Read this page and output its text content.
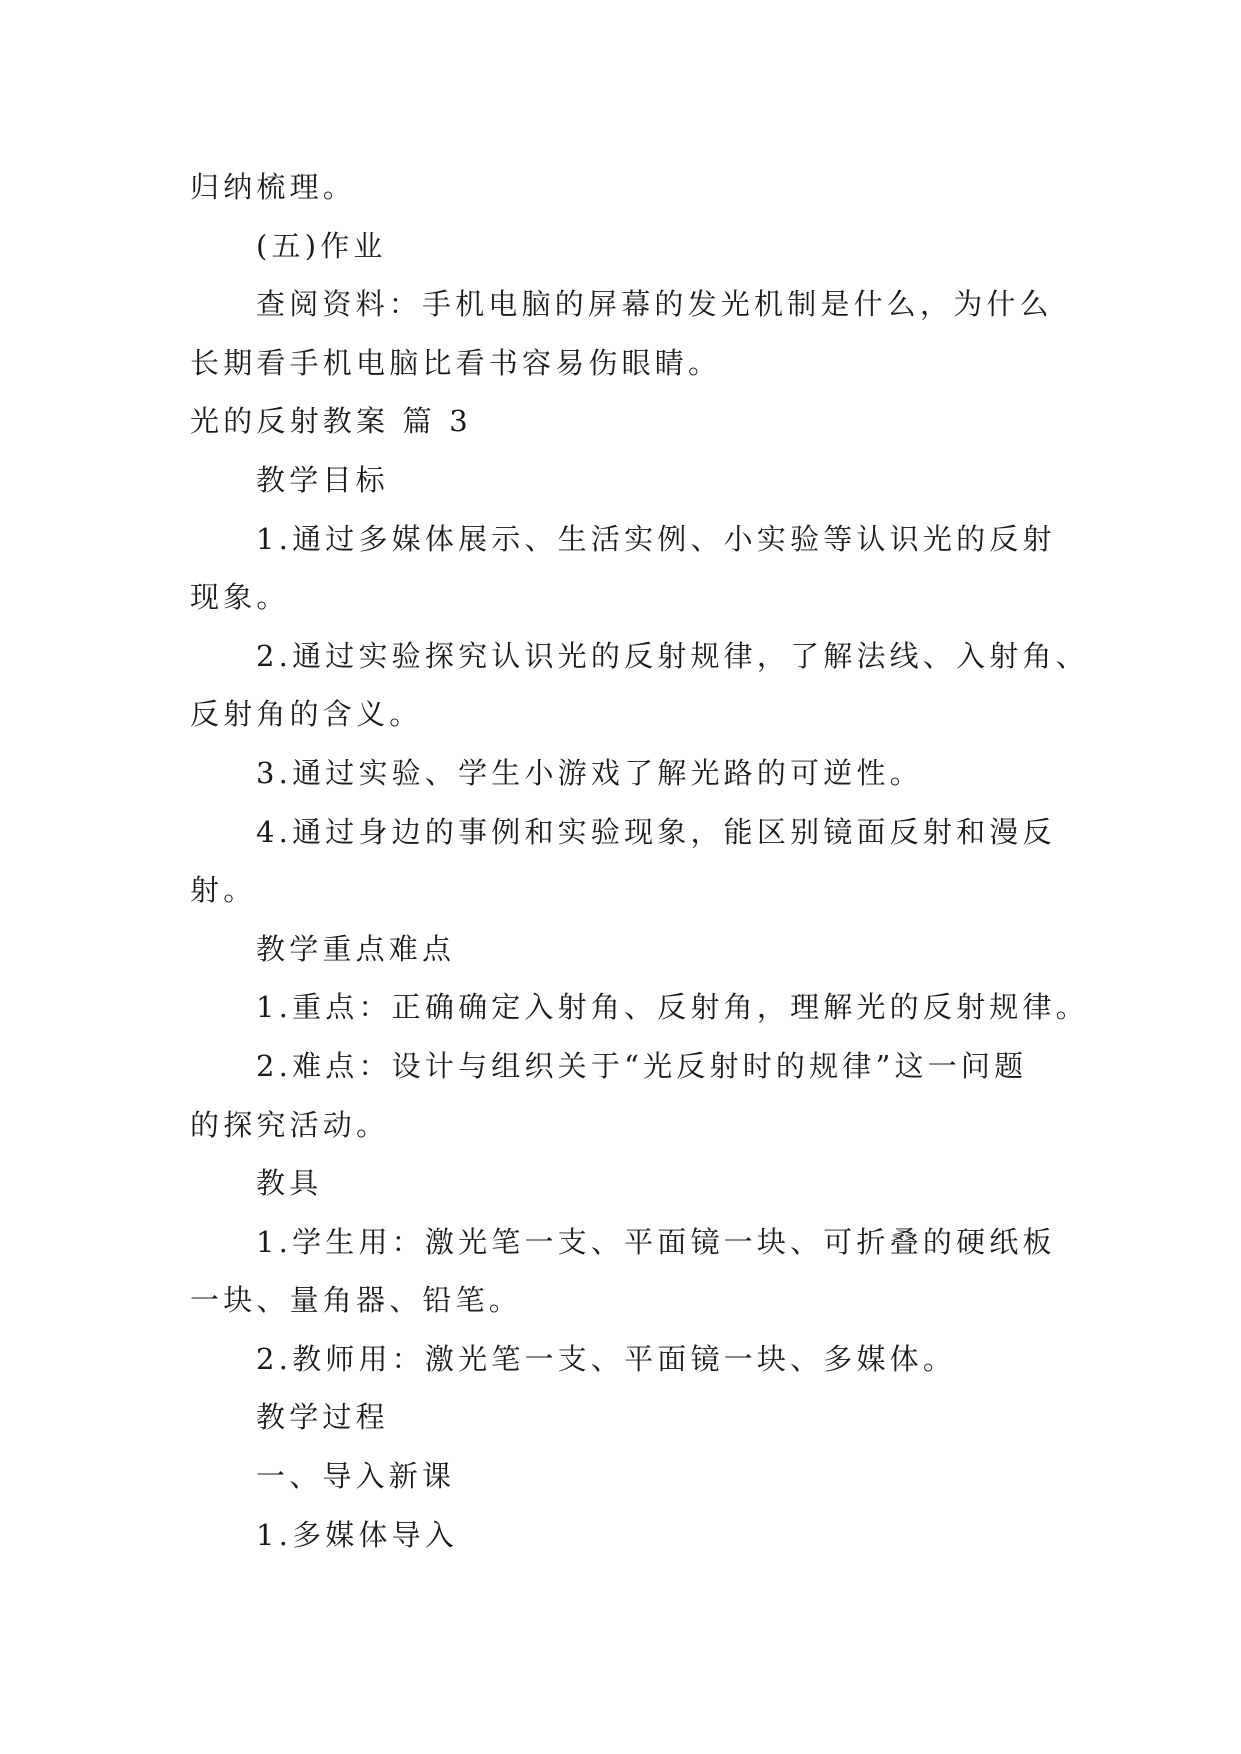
归纳梳理。
(五)作业
查阅资料：手机电脑的屏幕的发光机制是什么，为什么
长期看手机电脑比看书容易伤眼睛。
光的反射教案 篇 3
教学目标
1.通过多媒体展示、生活实例、小实验等认识光的反射
现象。
2.通过实验探究认识光的反射规律，了解法线、入射角、
反射角的含义。
3.通过实验、学生小游戏了解光路的可逆性。
4.通过身边的事例和实验现象，能区别镜面反射和漫反
射。
教学重点难点
1.重点：正确确定入射角、反射角，理解光的反射规律。
2.难点：设计与组织关于“光反射时的规律”这一问题
的探究活动。
教具
1.学生用：激光笔一支、平面镜一块、可折叠的硬纸板
一块、量角器、铅笔。
2.教师用：激光笔一支、平面镜一块、多媒体。
教学过程
一、导入新课
1.多媒体导入
